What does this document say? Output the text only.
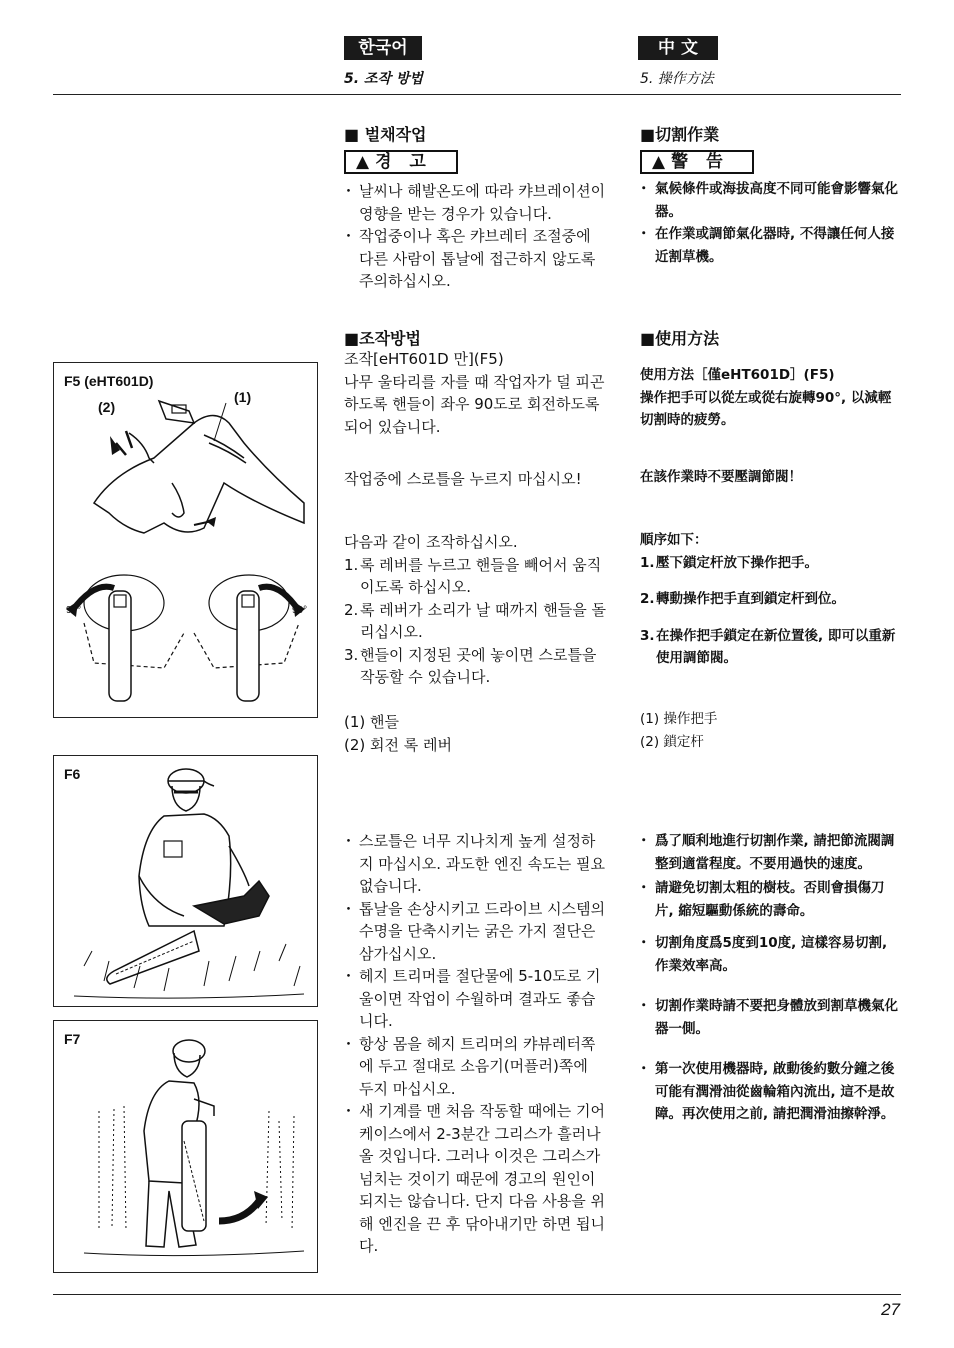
한국어
5. 조작 방법
中 文
5. 操作方法
■ 벌채작업
▲ 경 고
・ 날씨나 해발온도에 따라 캬브레이션이 영향을 받는 경우가 있습니다.
・ 작업중이나 혹은 캬브레터 조절중에 다른 사람이 톱날에 접근하지 않도록 주의하십시오.
■조작방법
조작[eHT601D 만](F5)
나무 울타리를 자를 때 작업자가 덜 피곤하도록 핸들이 좌우 90도로 회전하도록 되어 있습니다.
작업중에 스로틀을 누르지 마십시오!
다음과 같이 조작하십시오.
1. 록 레버를 누르고 핸들을 빼어서 움직이도록 하십시오.
2. 록 레버가 소리가 날 때까지 핸들을 돌리십시오.
3. 핸들이 지정된 곳에 놓이면 스로틀을 작동할 수 있습니다.
(1) 핸들
(2) 회전 록 레버
・ 스로틀은 너무 지나치게 높게 설정하지 마십시오. 과도한 엔진 속도는 필요 없습니다.
・ 톱날을 손상시키고 드라이브 시스템의 수명을 단축시키는 굵은 가지 절단은 삼가십시오.
・ 헤지 트리머를 절단물에 5-10도로 기울이면 작업이 수월하며 결과도 좋습니다.
・ 항상 몸을 헤지 트리머의 캬뷰레터쪽에 두고 절대로 소음기(머플러)쪽에 두지 마십시오.
・ 새 기계를 맨 처음 작동할 때에는 기어 케이스에서 2-3분간 그리스가 흘러나올 것입니다. 그러나 이것은 그리스가 넘치는 것이기 때문에 경고의 원인이 되지는 않습니다. 단지 다음 사용을 위해 엔진을 끈 후 닦아내기만 하면 됩니다.
■切割作業
▲ 警 告
・ 氣候條件或海拔高度不同可能會影響氣化器。
・ 在作業或調節氣化器時, 不得讓任何人接近割草機。
■使用方法
使用方法［僅eHT601D］(F5)
操作把手可以從左或從右旋轉90°, 以減輕切割時的疲勞。
在該作業時不要壓調節閥！
順序如下：
1. 壓下鎖定杆放下操作把手。
2. 轉動操作把手直到鎖定杆到位。
3. 在操作把手鎖定在新位置後, 即可以重新使用調節閥。
(1) 操作把手
(2) 鎖定杆
・ 爲了順利地進行切割作業, 請把節流閥調整到適當程度。不要用過快的速度。
・ 請避免切割太粗的樹枝。否則會損傷刀片, 縮短驅動係統的壽命。
・ 切割角度爲5度到10度, 這樣容易切割, 作業效率高。
・ 切割作業時請不要把身體放到割草機氣化器一側。
・ 第一次使用機器時, 啟動後約數分鐘之後可能有潤滑油從齒輪箱內流出, 這不是故障。再次使用之前, 請把潤滑油擦幹淨。
F5 (eHT601D)
(1)
(2)
90°	90°
F6
F7
27
